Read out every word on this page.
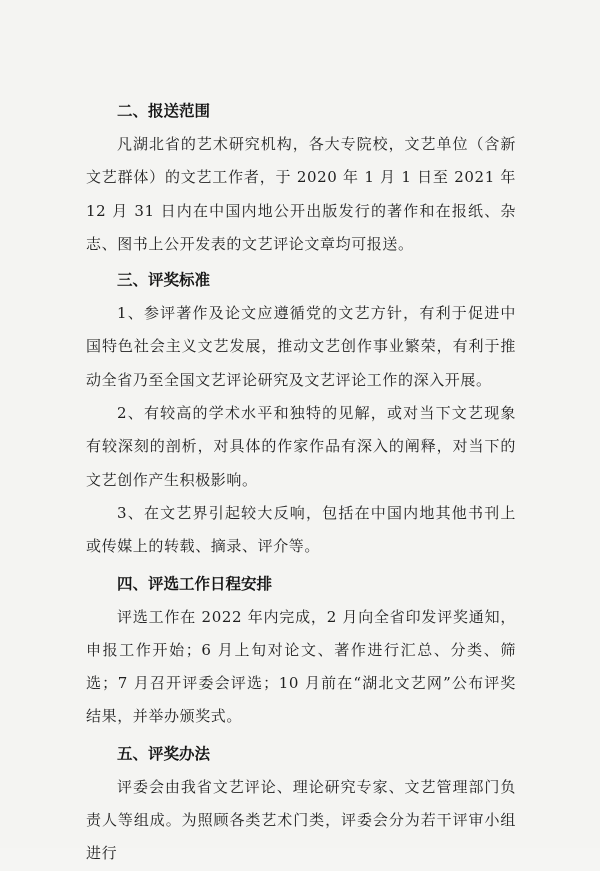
二、报送范围

凡湖北省的艺术研究机构，各大专院校，文艺单位（含新文艺群体）的文艺工作者，于 2020 年 1 月 1 日至 2021 年 12 月 31 日内在中国内地公开出版发行的著作和在报纸、杂志、图书上公开发表的文艺评论文章均可报送。

三、评奖标准

1、参评著作及论文应遵循党的文艺方针，有利于促进中国特色社会主义文艺发展，推动文艺创作事业繁荣，有利于推动全省乃至全国文艺评论研究及文艺评论工作的深入开展。

2、有较高的学术水平和独特的见解，或对当下文艺现象有较深刻的剖析，对具体的作家作品有深入的阐释，对当下的文艺创作产生积极影响。

3、在文艺界引起较大反响，包括在中国内地其他书刊上或传媒上的转载、摘录、评介等。

四、评选工作日程安排

评选工作在 2022 年内完成，2 月向全省印发评奖通知，申报工作开始；6 月上旬对论文、著作进行汇总、分类、筛选；7 月召开评委会评选；10 月前在“湖北文艺网”公布评奖结果，并举办颁奖式。

五、评奖办法

评委会由我省文艺评论、理论研究专家、文艺管理部门负责人等组成。为照顾各类艺术门类，评委会分为若干评审小组进行
